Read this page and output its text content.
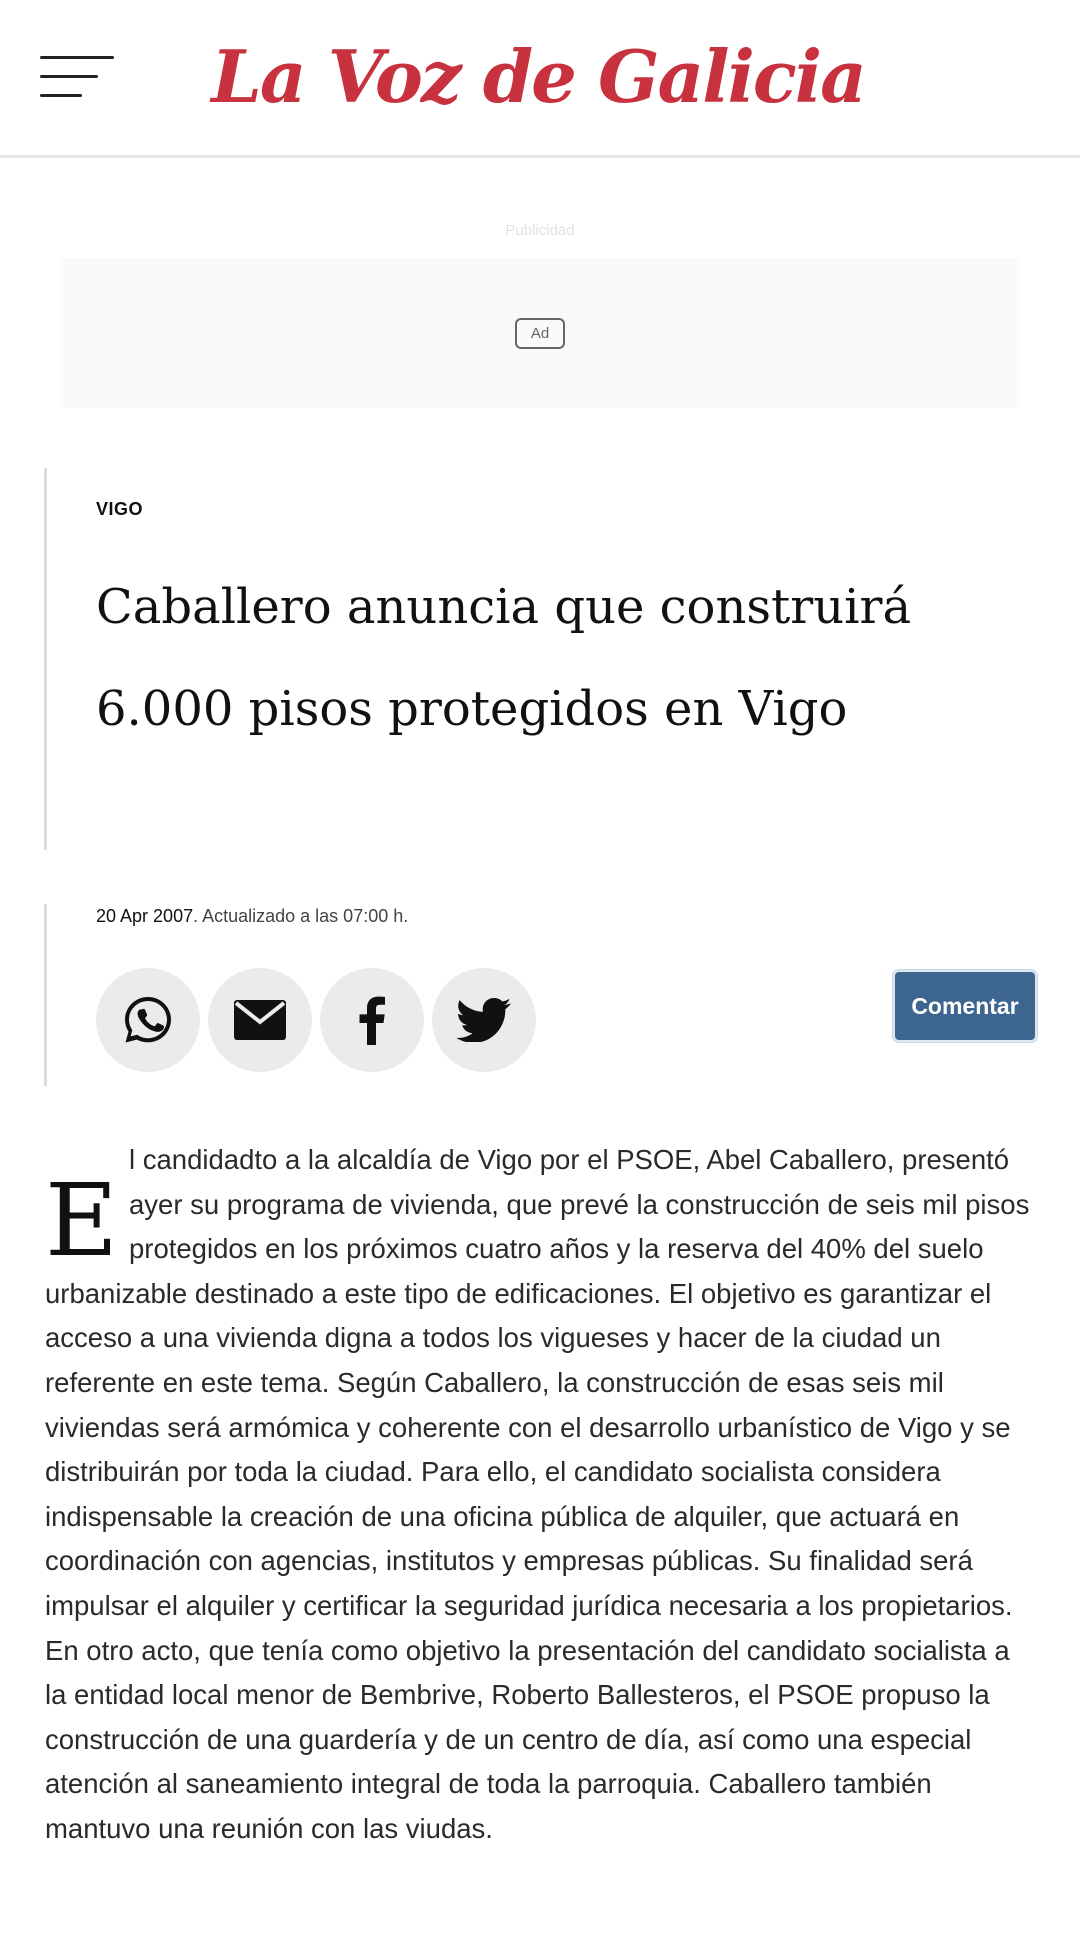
La Voz de Galicia
Publicidad
Ad
VIGO
Caballero anuncia que construirá 6.000 pisos protegidos en Vigo
20 Apr 2007. Actualizado a las 07:00 h.
Comentar
E
l candidadto a la alcaldía de Vigo por el PSOE, Abel Caballero, presentó ayer su programa de vivienda, que prevé la construcción de seis mil pisos protegidos en los próximos cuatro años y la reserva del 40% del suelo urbanizable destinado a este tipo de edificaciones. El objetivo es garantizar el acceso a una vivienda digna a todos los vigueses y hacer de la ciudad un referente en este tema. Según Caballero, la construcción de esas seis mil viviendas será armómica y coherente con el desarrollo urbanístico de Vigo y se distribuirán por toda la ciudad. Para ello, el candidato socialista considera indispensable la creación de una oficina pública de alquiler, que actuará en coordinación con agencias, institutos y empresas públicas. Su finalidad será impulsar el alquiler y certificar la seguridad jurídica necesaria a los propietarios. En otro acto, que tenía como objetivo la presentación del candidato socialista a la entidad local menor de Bembrive, Roberto Ballesteros, el PSOE propuso la construcción de una guardería y de un centro de día, así como una especial atención al saneamiento integral de toda la parroquia. Caballero también mantuvo una reunión con las viudas.
